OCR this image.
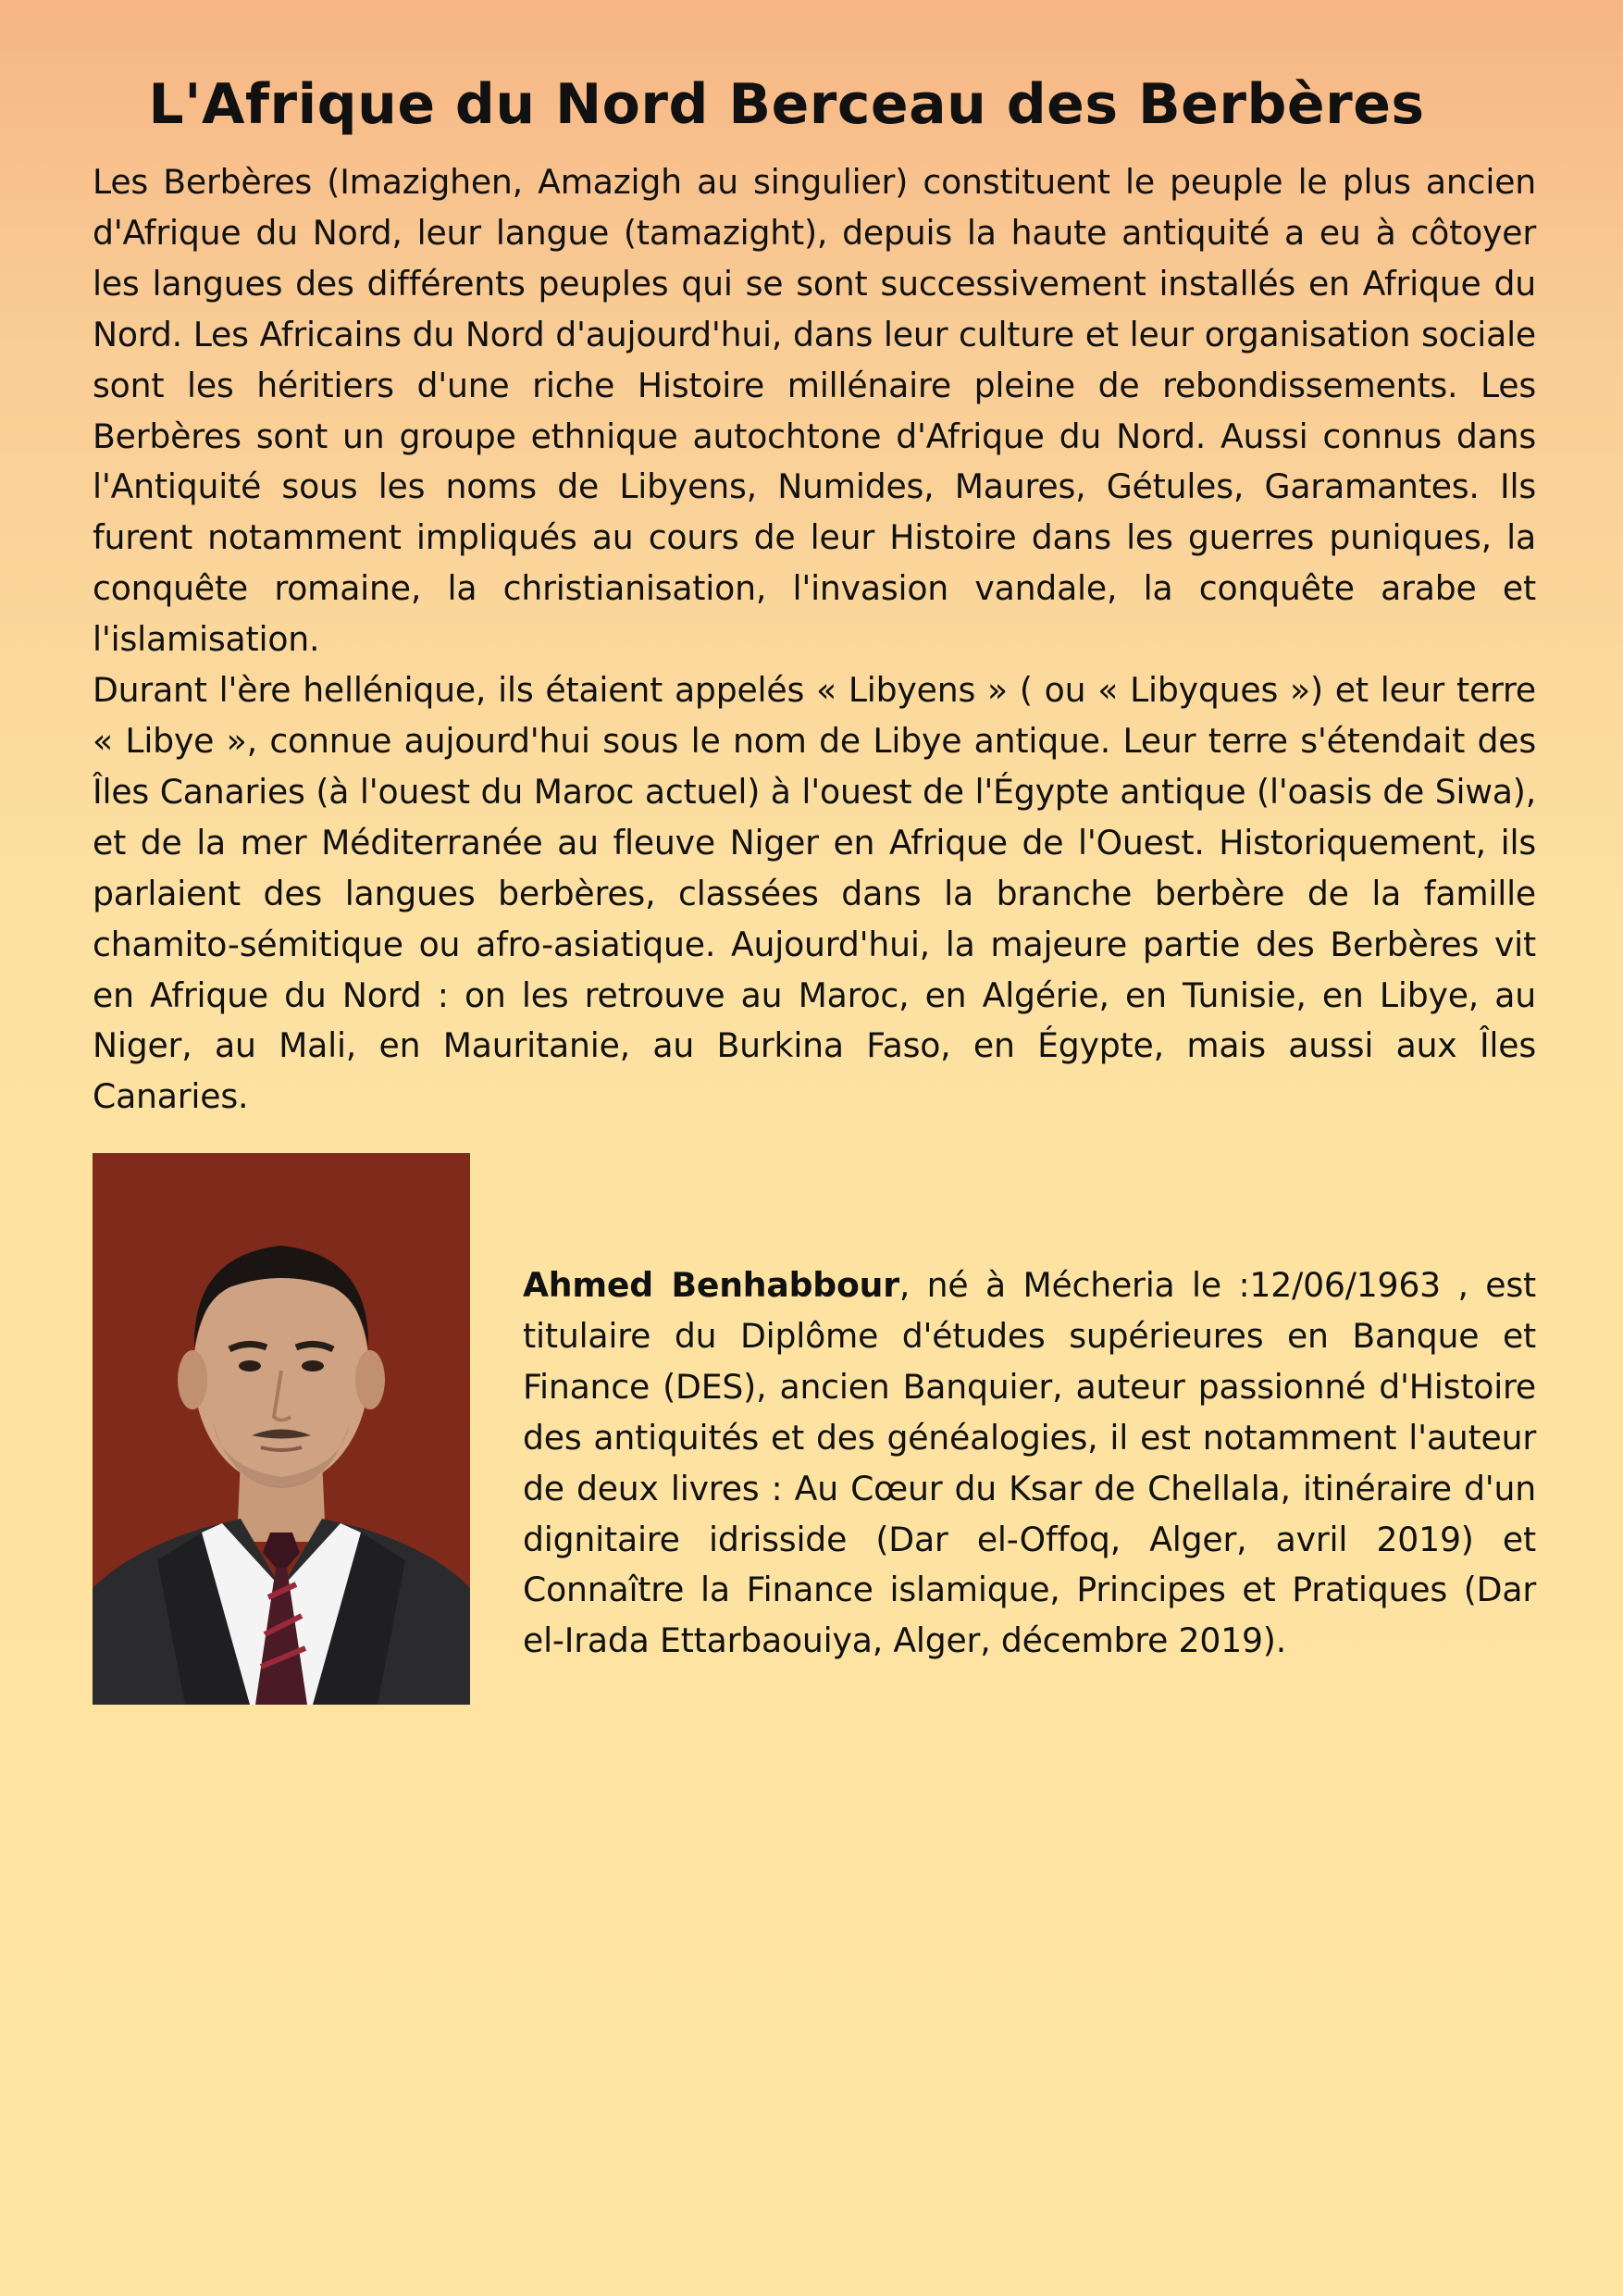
L'Afrique du Nord Berceau des Berbères

Les Berbères (Imazighen, Amazigh au singulier) constituent le peuple le plus ancien d'Afrique du Nord, leur langue (tamazight), depuis la haute antiquité a eu à côtoyer les langues des différents peuples qui se sont successivement installés en Afrique du Nord. Les Africains du Nord d'aujourd'hui, dans leur culture et leur organisation sociale sont les héritiers d'une riche Histoire millénaire pleine de rebondissements. Les Berbères sont un groupe ethnique autochtone d'Afrique du Nord. Aussi connus dans l'Antiquité sous les noms de Libyens, Numides, Maures, Gétules, Garamantes. Ils furent notamment impliqués au cours de leur Histoire dans les guerres puniques, la conquête romaine, la christianisation, l'invasion vandale, la conquête arabe et l'islamisation.

Durant l'ère hellénique, ils étaient appelés « Libyens » ( ou « Libyques ») et leur terre « Libye », connue aujourd'hui sous le nom de Libye antique. Leur terre s'étendait des Îles Canaries (à l'ouest du Maroc actuel) à l'ouest de l'Égypte antique (l'oasis de Siwa), et de la mer Méditerranée au fleuve Niger en Afrique de l'Ouest. Historiquement, ils parlaient des langues berbères, classées dans la branche berbère de la famille chamito-sémitique ou afro-asiatique. Aujourd'hui, la majeure partie des Berbères vit en Afrique du Nord : on les retrouve au Maroc, en Algérie, en Tunisie, en Libye, au Niger, au Mali, en Mauritanie, au Burkina Faso, en Égypte, mais aussi aux Îles Canaries.

Ahmed Benhabbour, né à Mécheria le :12/06/1963 , est titulaire du Diplôme d'études supérieures en Banque et Finance (DES), ancien Banquier, auteur passionné d'Histoire des antiquités et des généalogies, il est notamment l'auteur de deux livres : Au Cœur du Ksar de Chellala, itinéraire d'un dignitaire idrisside (Dar el-Offoq, Alger, avril 2019) et Connaître la Finance islamique, Principes et Pratiques (Dar el-Irada Ettarbaouiya, Alger, décembre 2019).
